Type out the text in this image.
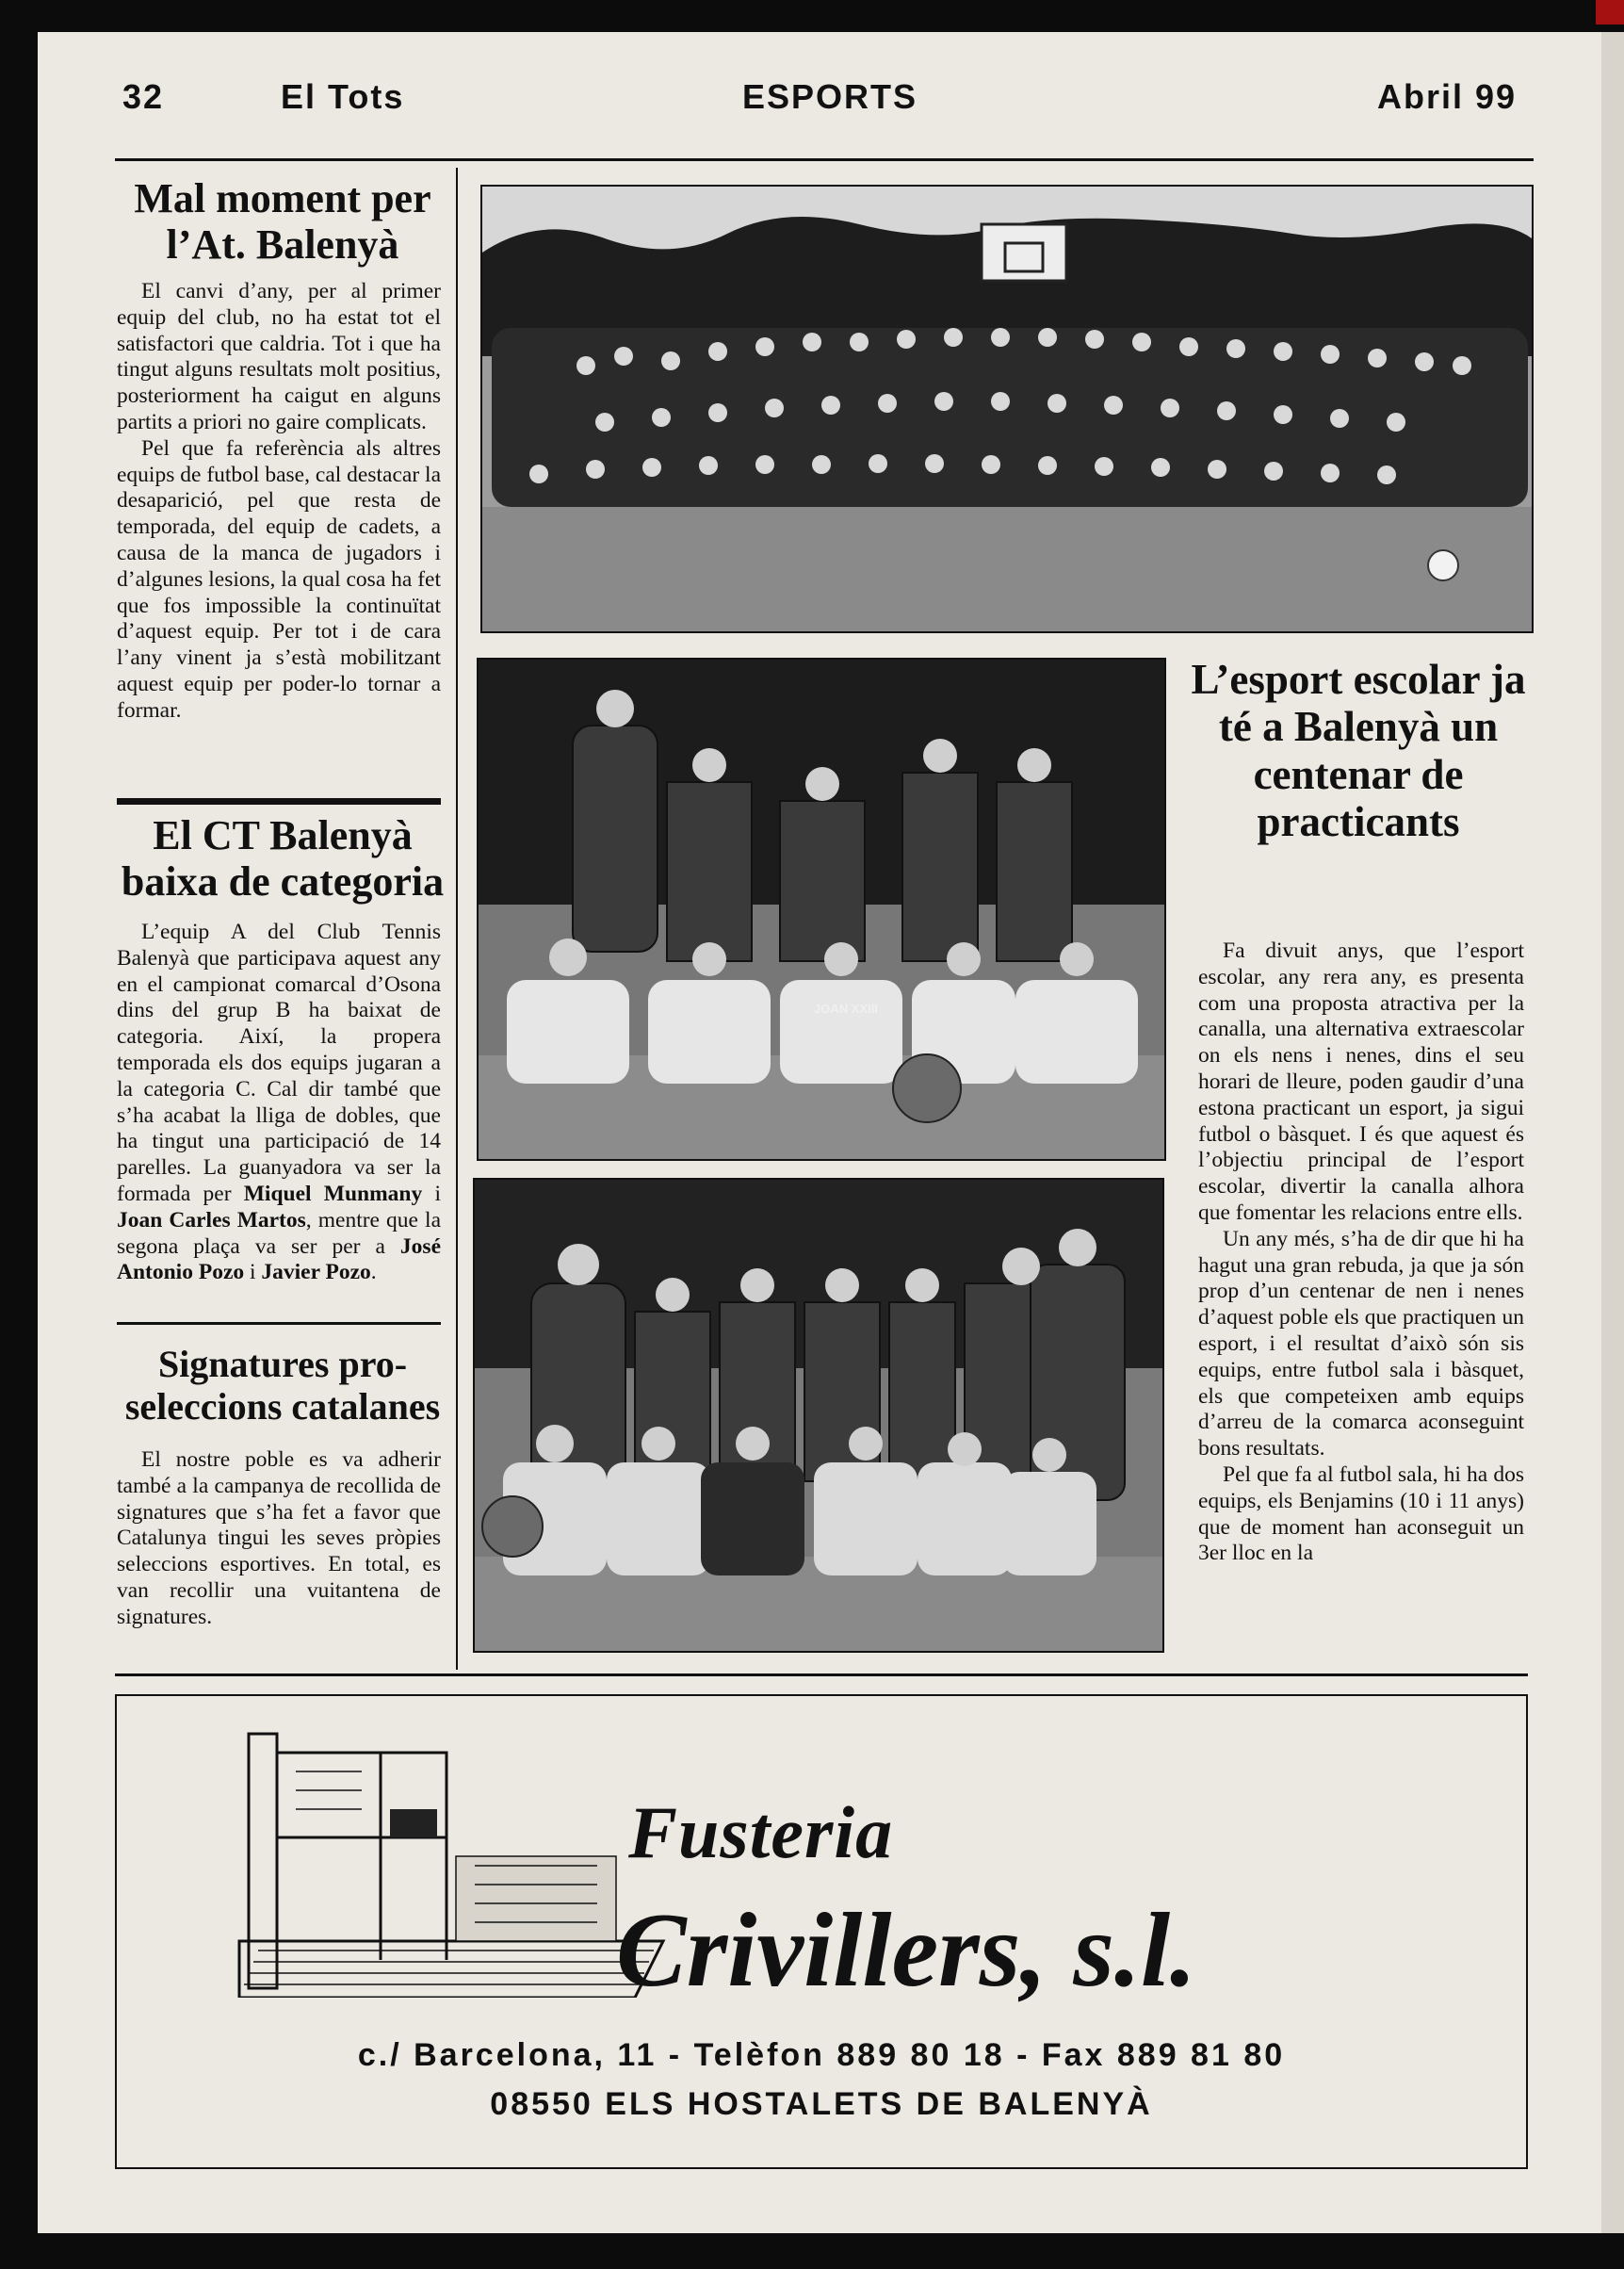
32	El Tots	ESPORTS	Abril 99
Mal moment per l’At. Balenyà

El canvi d’any, per al primer equip del club, no ha estat tot el satisfactori que caldria. Tot i que ha tingut alguns resultats molt positius, posteriorment ha caigut en alguns partits a priori no gaire complicats.

Pel que fa referència als altres equips de futbol base, cal destacar la desaparició, pel que resta de temporada, del equip de cadets, a causa de la manca de jugadors i d’algunes lesions, la qual cosa ha fet que fos impossible la continuïtat d’aquest equip. Per tot i de cara l’any vinent ja s’està mobilitzant aquest equip per poder-lo tornar a formar.

El CT Balenyà baixa de categoria

L’equip A del Club Tennis Balenyà que participava aquest any en el campionat comarcal d’Osona dins del grup B ha baixat de categoria. Així, la propera temporada els dos equips jugaran a la categoria C. Cal dir també que s’ha acabat la lliga de dobles, que ha tingut una participació de 14 parelles. La guanyadora va ser la formada per Miquel Munmany i Joan Carles Martos, mentre que la segona plaça va ser per a José Antonio Pozo i Javier Pozo.

Signatures pro-seleccions catalanes

El nostre poble es va adherir també a la campanya de recollida de signatures que s’ha fet a favor que Catalunya tingui les seves pròpies seleccions esportives. En total, es van recollir una vuitantena de signatures.

JOAN XXIII
L’esport escolar ja té a Balenyà un centenar de practicants

Fa divuit anys, que l’esport escolar, any rera any, es presenta com una proposta atractiva per la canalla, una alternativa extraescolar on els nens i nenes, dins el seu horari de lleure, poden gaudir d’una estona practicant un esport, ja sigui futbol o bàsquet. I és que aquest és l’objectiu principal de l’esport escolar, divertir la canalla alhora que fomentar les relacions entre ells.

Un any més, s’ha de dir que hi ha hagut una gran rebuda, ja que ja són prop d’un centenar de nen i nenes d’aquest poble els que practiquen un esport, i el resultat d’això són sis equips, entre futbol sala i bàsquet, els que competeixen amb equips d’arreu de la comarca aconseguint bons resultats.

Pel que fa al futbol sala, hi ha dos equips, els Benjamins (10 i 11 anys) que de moment han aconseguit un 3er lloc en la

Fusteria
Crivillers, s.l.
c./ Barcelona, 11 - Telèfon 889 80 18 - Fax 889 81 80
08550 ELS HOSTALETS DE BALENYÀ
